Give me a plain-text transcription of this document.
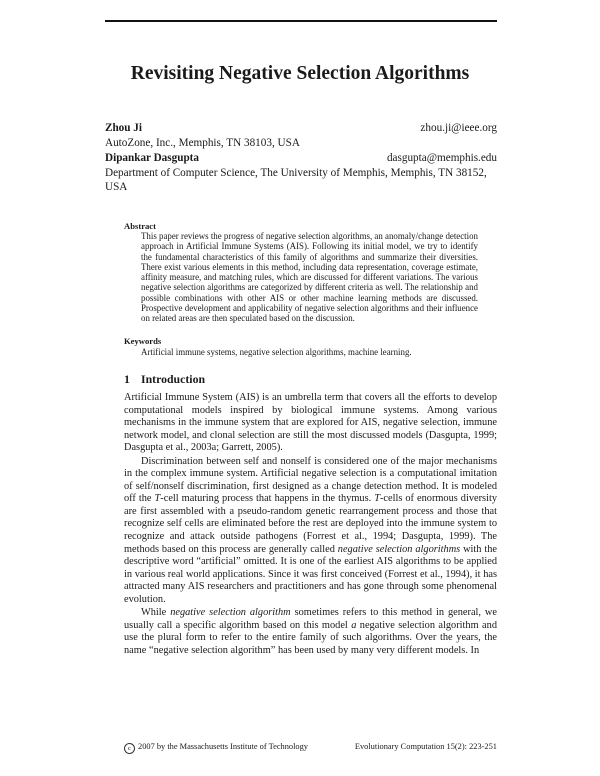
Revisiting Negative Selection Algorithms
Zhou Ji	zhou.ji@ieee.org
AutoZone, Inc., Memphis, TN 38103, USA
Dipankar Dasgupta	dasgupta@memphis.edu
Department of Computer Science, The University of Memphis, Memphis, TN 38152, USA
Abstract
This paper reviews the progress of negative selection algorithms, an anomaly/change detection approach in Artificial Immune Systems (AIS). Following its initial model, we try to identify the fundamental characteristics of this family of algorithms and summarize their diversities. There exist various elements in this method, including data representation, coverage estimate, affinity measure, and matching rules, which are discussed for different variations. The various negative selection algorithms are categorized by different criteria as well. The relationship and possible combinations with other AIS or other machine learning methods are discussed. Prospective development and applicability of negative selection algorithms and their influence on related areas are then speculated based on the discussion.
Keywords
Artificial immune systems, negative selection algorithms, machine learning.
1 Introduction

Artificial Immune System (AIS) is an umbrella term that covers all the efforts to develop computational models inspired by biological immune systems. Among various mechanisms in the immune system that are explored for AIS, negative selection, immune network model, and clonal selection are still the most discussed models (Dasgupta, 1999; Dasgupta et al., 2003a; Garrett, 2005).

Discrimination between self and nonself is considered one of the major mechanisms in the complex immune system. Artificial negative selection is a computational imitation of self/nonself discrimination, first designed as a change detection method. It is modeled off the T-cell maturing process that happens in the thymus. T-cells of enormous diversity are first assembled with a pseudo-random genetic rearrangement process and those that recognize self cells are eliminated before the rest are deployed into the immune system to recognize and attack outside pathogens (Forrest et al., 1994; Dasgupta, 1999). The methods based on this process are generally called negative selection algorithms with the descriptive word “artificial” omitted. It is one of the earliest AIS algorithms to be applied in various real world applications. Since it was first conceived (Forrest et al., 1994), it has attracted many AIS researchers and practitioners and has gone through some phenomenal evolution.

While negative selection algorithm sometimes refers to this method in general, we usually call a specific algorithm based on this model a negative selection algorithm and use the plural form to refer to the entire family of such algorithms. Over the years, the name “negative selection algorithm” has been used by many very different models. In

c 2007 by the Massachusetts Institute of Technology	Evolutionary Computation 15(2): 223-251
